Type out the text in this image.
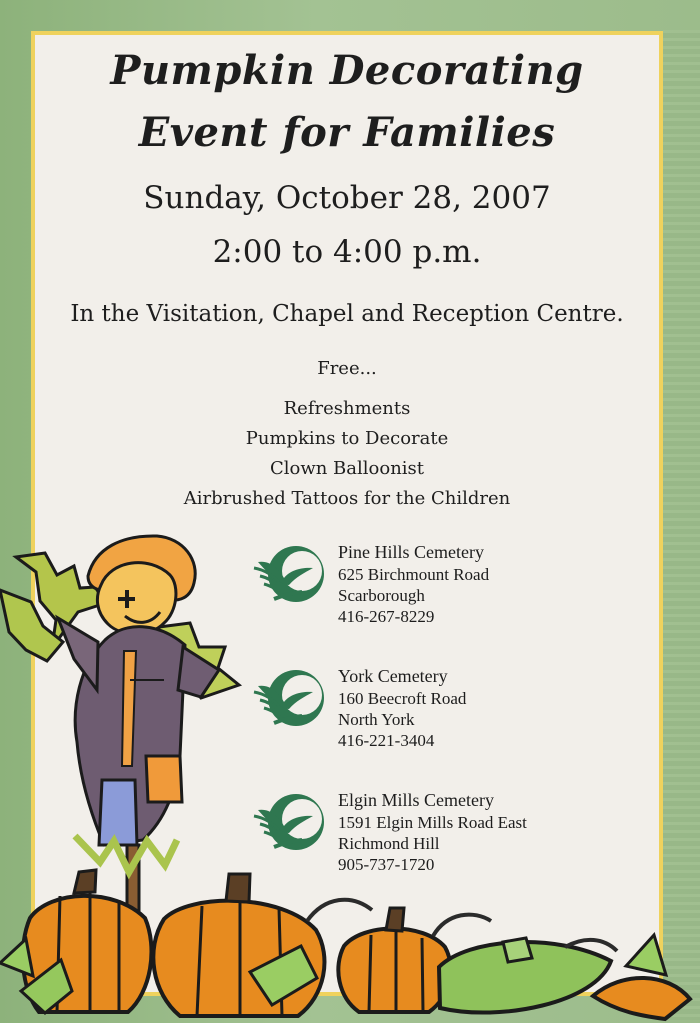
Pumpkin Decorating
Event for Families
Sunday, October 28, 2007
2:00 to 4:00 p.m.
In the Visitation, Chapel and Reception Centre.
Free...
Refreshments
Pumpkins to Decorate
Clown Balloonist
Airbrushed Tattoos for the Children
Pine Hills Cemetery
625 Birchmount Road
Scarborough
416-267-8229
York Cemetery
160 Beecroft Road
North York
416-221-3404
Elgin Mills Cemetery
1591 Elgin Mills Road East
Richmond Hill
905-737-1720
